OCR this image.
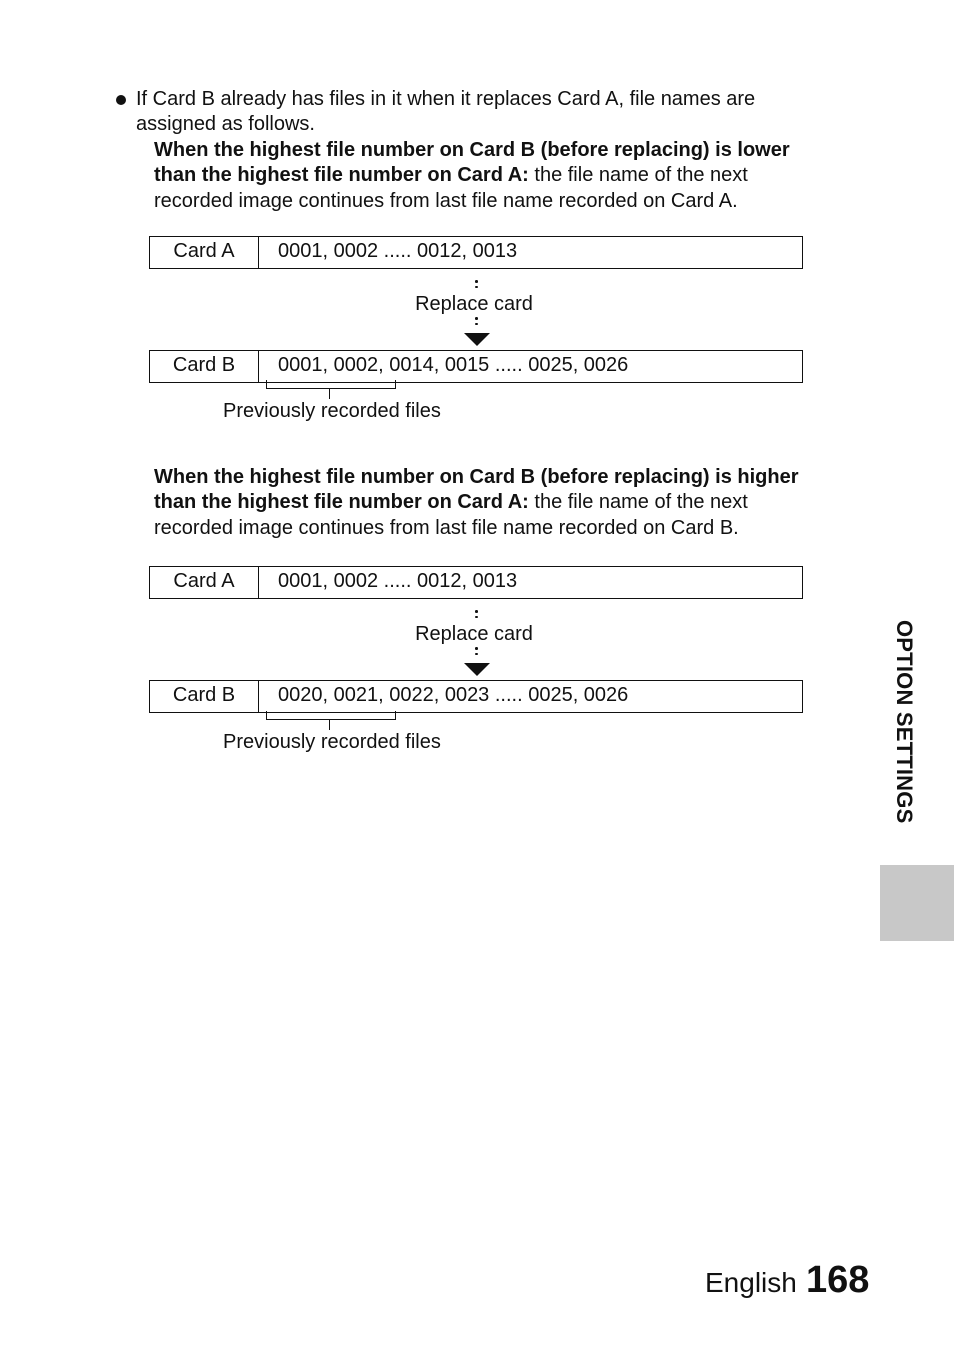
If Card B already has files in it when it replaces Card A, file names are
assigned as follows.
When the highest file number on Card B (before replacing) is lower
than the highest file number on Card A: the file name of the next
recorded image continues from last file name recorded on Card A.
Card A	0001, 0002 ..... 0012, 0013
Replace card
Card B	0001, 0002, 0014, 0015 ..... 0025, 0026
Previously recorded files
When the highest file number on Card B (before replacing) is higher
than the highest file number on Card A: the file name of the next
recorded image continues from last file name recorded on Card B.
Card A	0001, 0002 ..... 0012, 0013
Replace card
Card B	0020, 0021, 0022, 0023 ..... 0025, 0026
Previously recorded files	OPTION SETTINGS
English 168
